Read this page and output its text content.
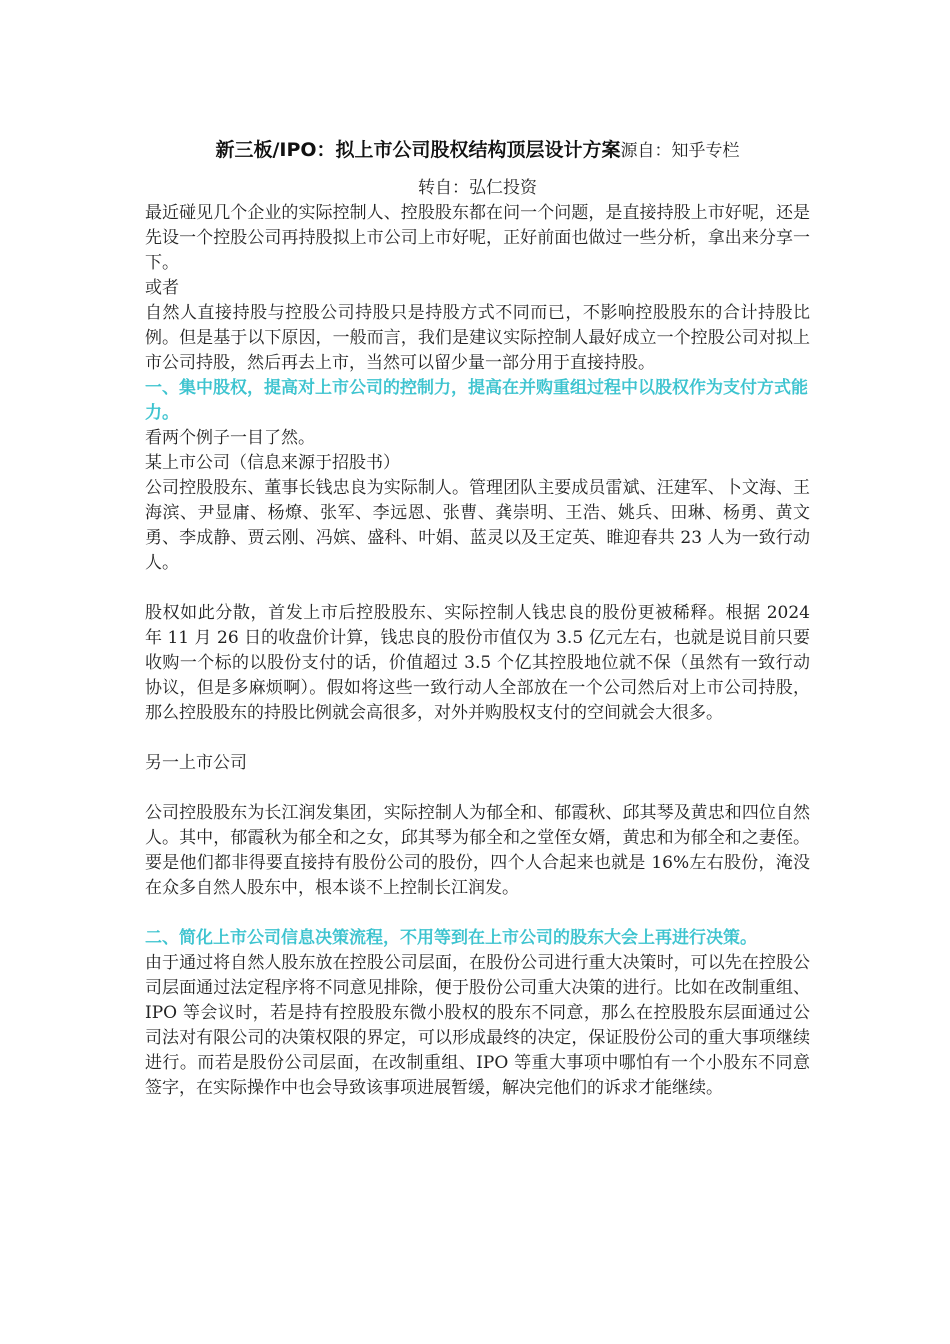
新三板/IPO：拟上市公司股权结构顶层设计方案源自：知乎专栏

转自：弘仁投资

最近碰见几个企业的实际控制人、控股股东都在问一个问题，是直接持股上市好呢，还是先设一个控股公司再持股拟上市公司上市好呢，正好前面也做过一些分析，拿出来分享一下。

或者

自然人直接持股与控股公司持股只是持股方式不同而已，不影响控股股东的合计持股比例。但是基于以下原因，一般而言，我们是建议实际控制人最好成立一个控股公司对拟上市公司持股，然后再去上市，当然可以留少量一部分用于直接持股。

一、集中股权，提高对上市公司的控制力，提高在并购重组过程中以股权作为支付方式能力。

看两个例子一目了然。

某上市公司（信息来源于招股书）

公司控股股东、董事长钱忠良为实际制人。管理团队主要成员雷斌、汪建军、卜文海、王海滨、尹显庸、杨燎、张军、李远恩、张曹、龚崇明、王浩、姚兵、田琳、杨勇、黄文勇、李成静、贾云刚、冯嫔、盛科、叶娟、蓝灵以及王定英、睢迎春共 23 人为一致行动人。

股权如此分散，首发上市后控股股东、实际控制人钱忠良的股份更被稀释。根据 2024 年 11 月 26 日的收盘价计算，钱忠良的股份市值仅为 3.5 亿元左右，也就是说目前只要收购一个标的以股份支付的话，价值超过 3.5 个亿其控股地位就不保（虽然有一致行动协议，但是多麻烦啊）。假如将这些一致行动人全部放在一个公司然后对上市公司持股，那么控股股东的持股比例就会高很多，对外并购股权支付的空间就会大很多。

另一上市公司

公司控股股东为长江润发集团，实际控制人为郁全和、郁霞秋、邱其琴及黄忠和四位自然人。其中，郁霞秋为郁全和之女，邱其琴为郁全和之堂侄女婿，黄忠和为郁全和之妻侄。要是他们都非得要直接持有股份公司的股份，四个人合起来也就是 16%左右股份，淹没在众多自然人股东中，根本谈不上控制长江润发。

二、简化上市公司信息决策流程，不用等到在上市公司的股东大会上再进行决策。

由于通过将自然人股东放在控股公司层面，在股份公司进行重大决策时，可以先在控股公司层面通过法定程序将不同意见排除，便于股份公司重大决策的进行。比如在改制重组、IPO 等会议时，若是持有控股股东微小股权的股东不同意，那么在控股股东层面通过公司法对有限公司的决策权限的界定，可以形成最终的决定，保证股份公司的重大事项继续进行。而若是股份公司层面，在改制重组、IPO 等重大事项中哪怕有一个小股东不同意签字，在实际操作中也会导致该事项进展暂缓，解决完他们的诉求才能继续。
